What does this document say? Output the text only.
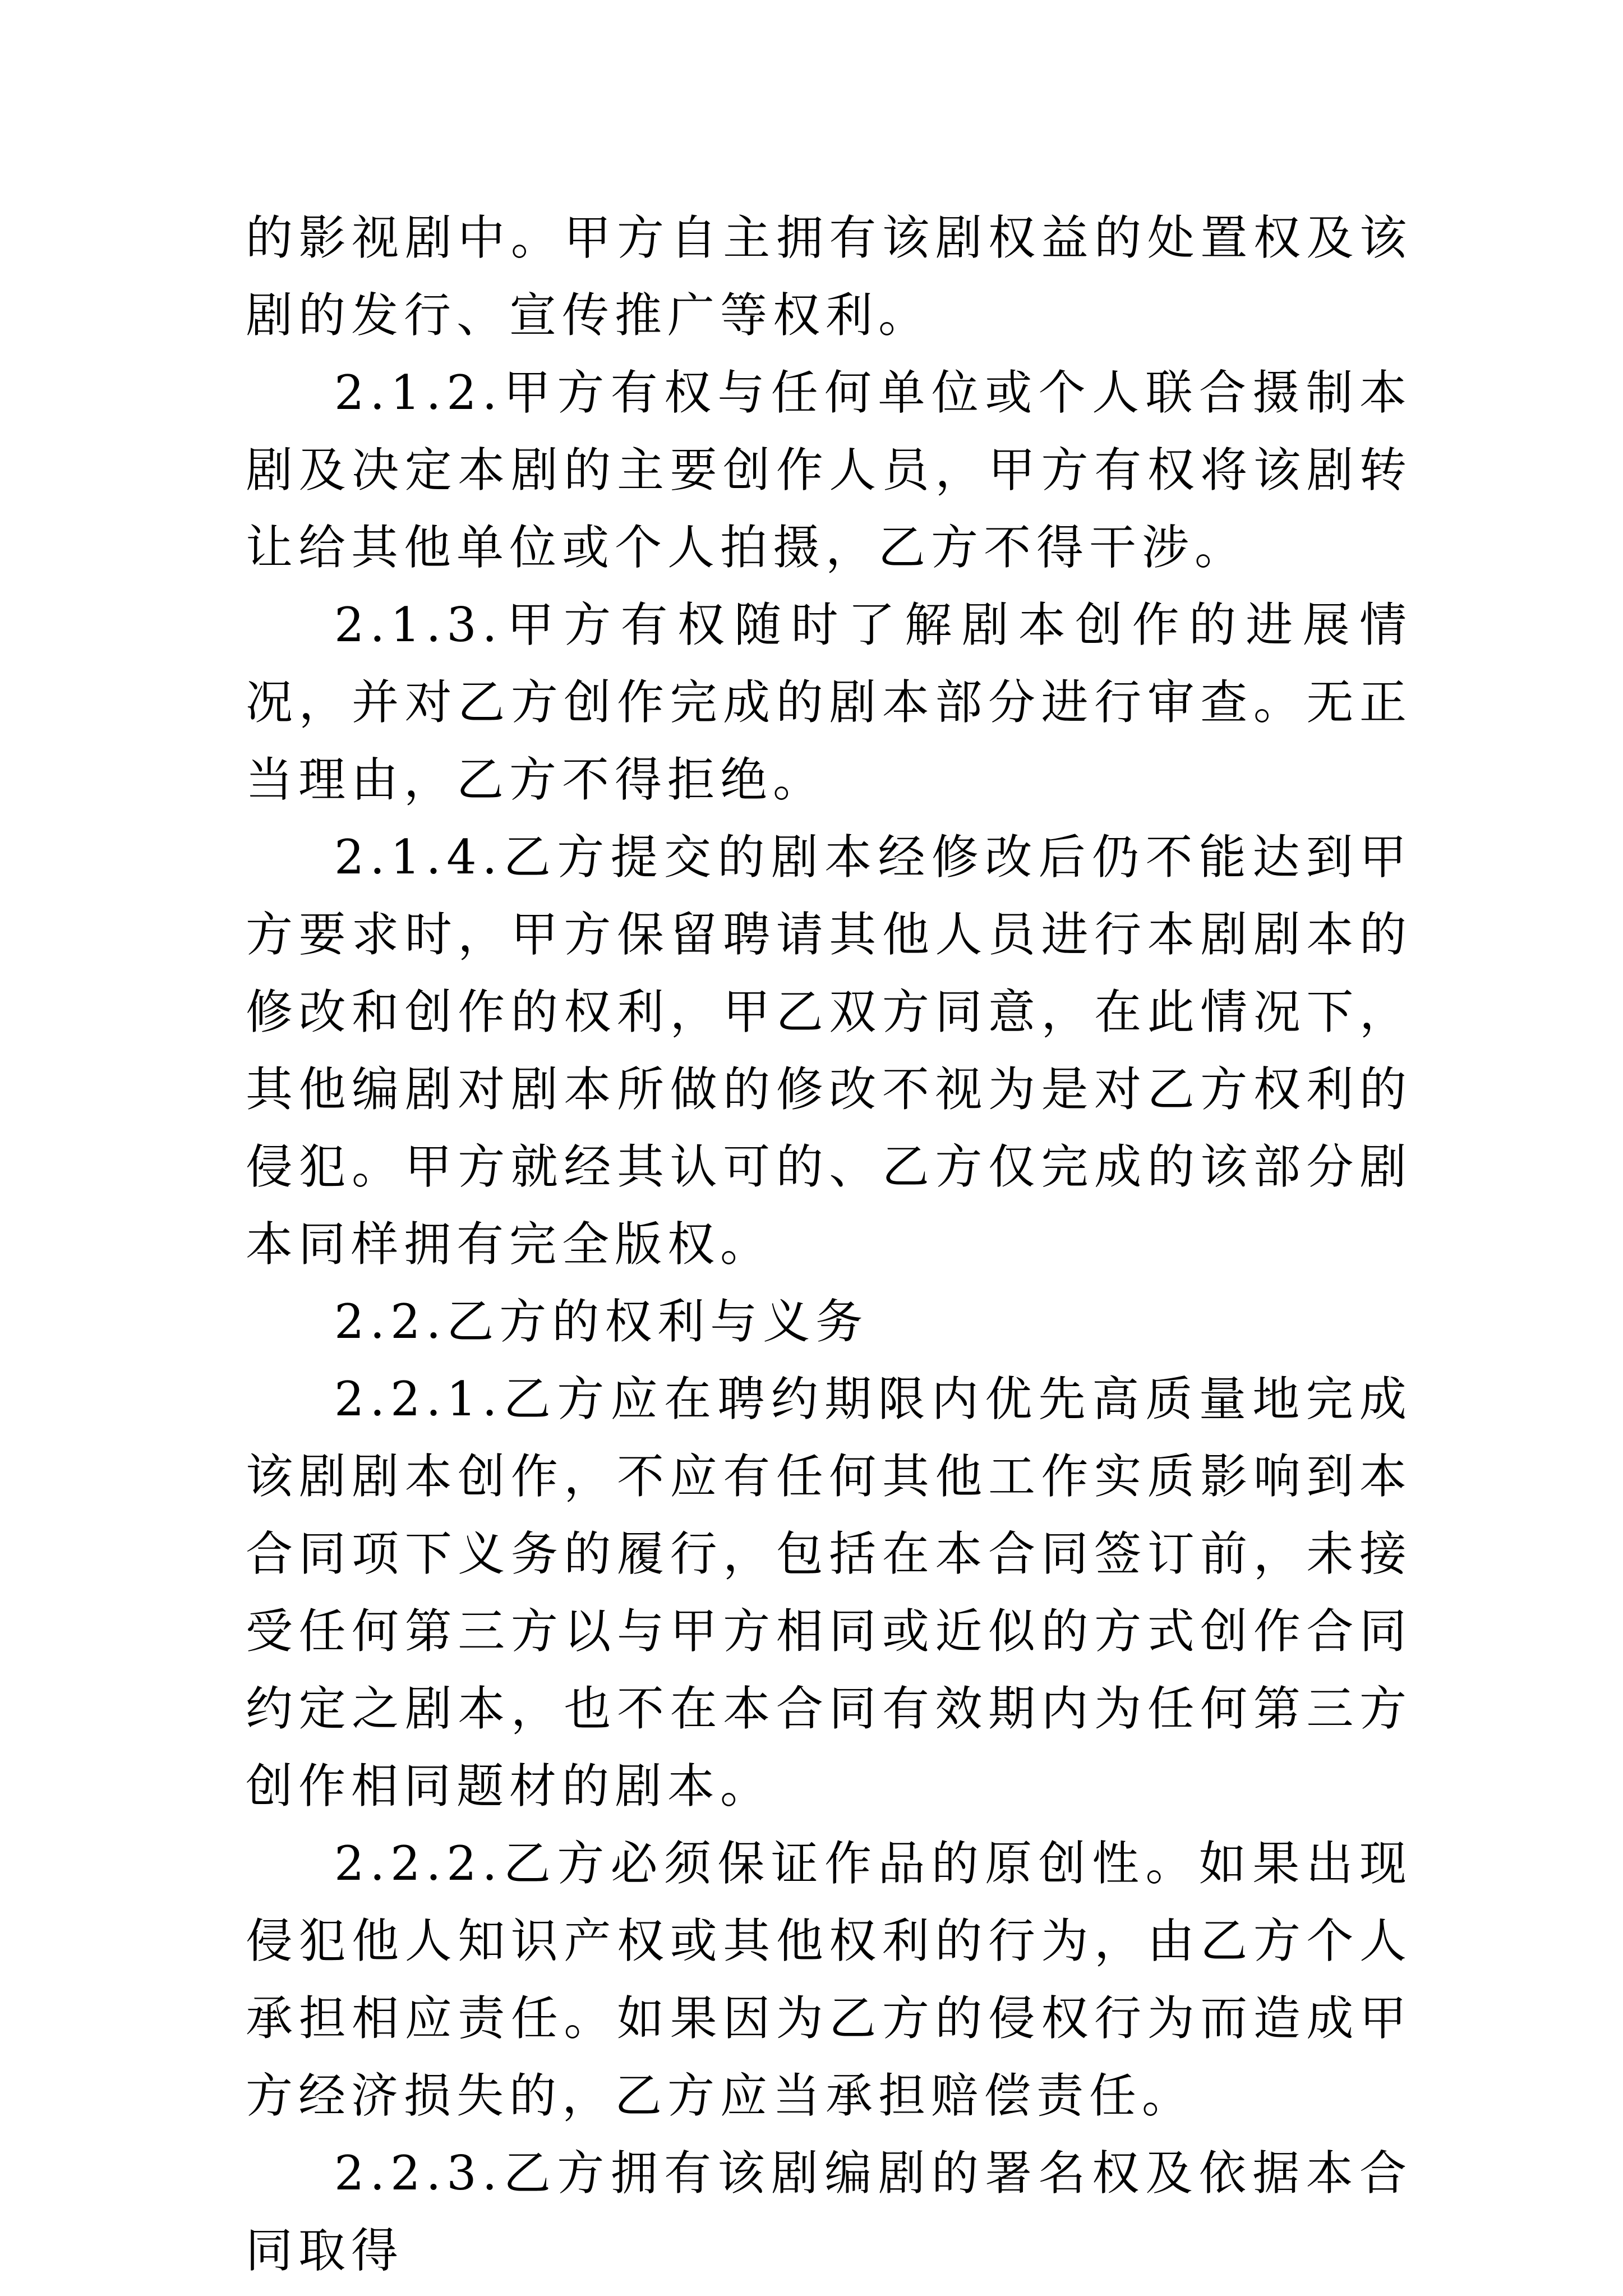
的影视剧中。甲方自主拥有该剧权益的处置权及该剧的发行、宣传推广等权利。

2.1.2.甲方有权与任何单位或个人联合摄制本剧及决定本剧的主要创作人员，甲方有权将该剧转让给其他单位或个人拍摄，乙方不得干涉。

2.1.3.甲方有权随时了解剧本创作的进展情况，并对乙方创作完成的剧本部分进行审查。无正当理由，乙方不得拒绝。

2.1.4.乙方提交的剧本经修改后仍不能达到甲方要求时，甲方保留聘请其他人员进行本剧剧本的修改和创作的权利，甲乙双方同意，在此情况下，其他编剧对剧本所做的修改不视为是对乙方权利的侵犯。甲方就经其认可的、乙方仅完成的该部分剧本同样拥有完全版权。

2.2.乙方的权利与义务

2.2.1.乙方应在聘约期限内优先高质量地完成该剧剧本创作，不应有任何其他工作实质影响到本合同项下义务的履行，包括在本合同签订前，未接受任何第三方以与甲方相同或近似的方式创作合同约定之剧本，也不在本合同有效期内为任何第三方创作相同题材的剧本。

2.2.2.乙方必须保证作品的原创性。如果出现侵犯他人知识产权或其他权利的行为，由乙方个人承担相应责任。如果因为乙方的侵权行为而造成甲方经济损失的，乙方应当承担赔偿责任。

2.2.3.乙方拥有该剧编剧的署名权及依据本合同取得
